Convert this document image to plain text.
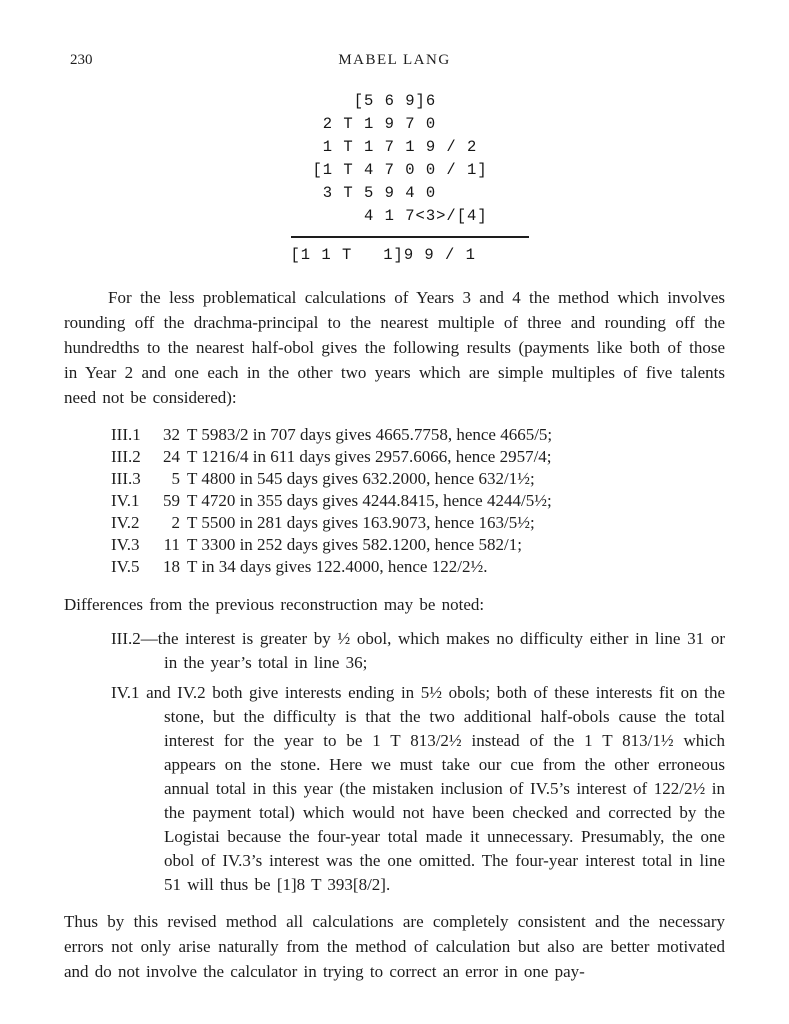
230	MABEL LANG
[5 6 9]6
2 T 1 9 7 0
1 T 1 7 1 9 / 2
[1 T 4 7 0 0 / 1]
3 T 5 9 4 0
4 1 7<3>/[4]
[1 1 T   1]9 9 / 1

For the less problematical calculations of Years 3 and 4 the method which involves rounding off the drachma-principal to the nearest multiple of three and rounding off the hundredths to the nearest half-obol gives the following results (payments like both of those in Year 2 and one each in the other two years which are simple multiples of five talents need not be considered):

III.1	32 T 5983/2 in 707 days gives 4665.7758, hence 4665/5;
III.2	24 T 1216/4 in 611 days gives 2957.6066, hence 2957/4;
III.3	5 T 4800 in 545 days gives 632.2000, hence 632/1½;
IV.1	59 T 4720 in 355 days gives 4244.8415, hence 4244/5½;
IV.2	2 T 5500 in 281 days gives 163.9073, hence 163/5½;
IV.3	11 T 3300 in 252 days gives 582.1200, hence 582/1;
IV.5	18 T in 34 days gives 122.4000, hence 122/2½.

Differences from the previous reconstruction may be noted:

III.2—the interest is greater by ½ obol, which makes no difficulty either in line 31 or in the year’s total in line 36;

IV.1 and IV.2 both give interests ending in 5½ obols; both of these interests fit on the stone, but the difficulty is that the two additional half-obols cause the total interest for the year to be 1 T 813/2½ instead of the 1 T 813/1½ which appears on the stone. Here we must take our cue from the other erroneous annual total in this year (the mistaken inclusion of IV.5’s interest of 122/2½ in the payment total) which would not have been checked and corrected by the Logistai because the four-year total made it unnecessary. Presumably, the one obol of IV.3’s interest was the one omitted. The four-year interest total in line 51 will thus be [1]8 T 393[8/2].

Thus by this revised method all calculations are completely consistent and the necessary errors not only arise naturally from the method of calculation but also are better motivated and do not involve the calculator in trying to correct an error in one pay-
